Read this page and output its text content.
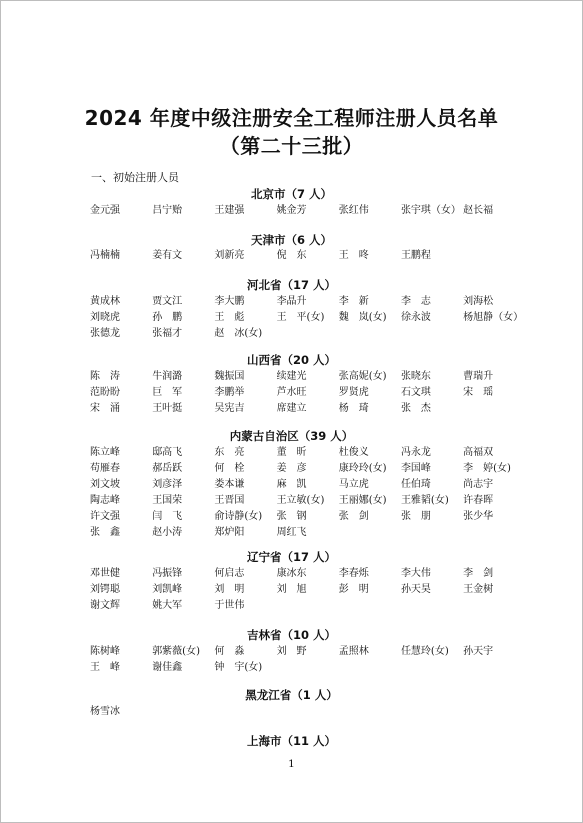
2024 年度中级注册安全工程师注册人员名单
（第二十三批）
一、初始注册人员
北京市（7 人）
金元强	吕宁贻	王建强	姚金芳	张红伟	张宇琪（女） 赵长福
天津市（6 人）
冯楠楠	姜有文	刘新亮	倪　东	王　咚	王鹏程
河北省（17 人）
黄成林	贾文江	李大鹏	李晶升	李　新	李　志	刘海松
刘晓虎	孙　鹏	王　彪	王　平(女)	魏　岚(女)	徐永波	杨旭静（女）
张德龙	张福才	赵　冰(女)
山西省（20 人）
陈　涛	牛润潞	魏振国	续建光	张高妮(女)	张晓东	曹瑞升
范盼盼	巨　军	李鹏举	芦水旺	罗贤虎	石文琪	宋　瑶
宋　涌	王叶挺	吴宪吉	席建立	杨　琦	张　杰
内蒙古自治区（39 人）
陈立峰	邸高飞	东　亮	董　昕	杜俊义	冯永龙	高福双
苟雁春	郝岳跃	何　栓	姜　彦	康玲玲(女)	李国峰	李　婷(女)
刘文坡	刘彦泽	娄本谦	麻　凯	马立虎	任伯琦	尚志宇
陶志峰	王国荣	王晋国	王立敏(女)	王丽娜(女)	王雅韬(女)	许春晖
许文强	闫　飞	俞诗静(女)	张　钢	张　剑	张　朋	张少华
张　鑫	赵小涛	郑炉阳	周红飞
辽宁省（17 人）
邓世健	冯振锋	何启志	康冰东	李春烁	李大伟	李　剑
刘锷聪	刘凯峰	刘　明	刘　旭	彭　明	孙天昊	王金树
谢文辉	姚大军	于世伟
吉林省（10 人）
陈树峰	郭紫薇(女)	何　淼	刘　野	孟照林	任慧玲(女)	孙天宇
王　峰	谢佳鑫	钟　宇(女)
黑龙江省（1 人）
杨雪冰
上海市（11 人）
1
